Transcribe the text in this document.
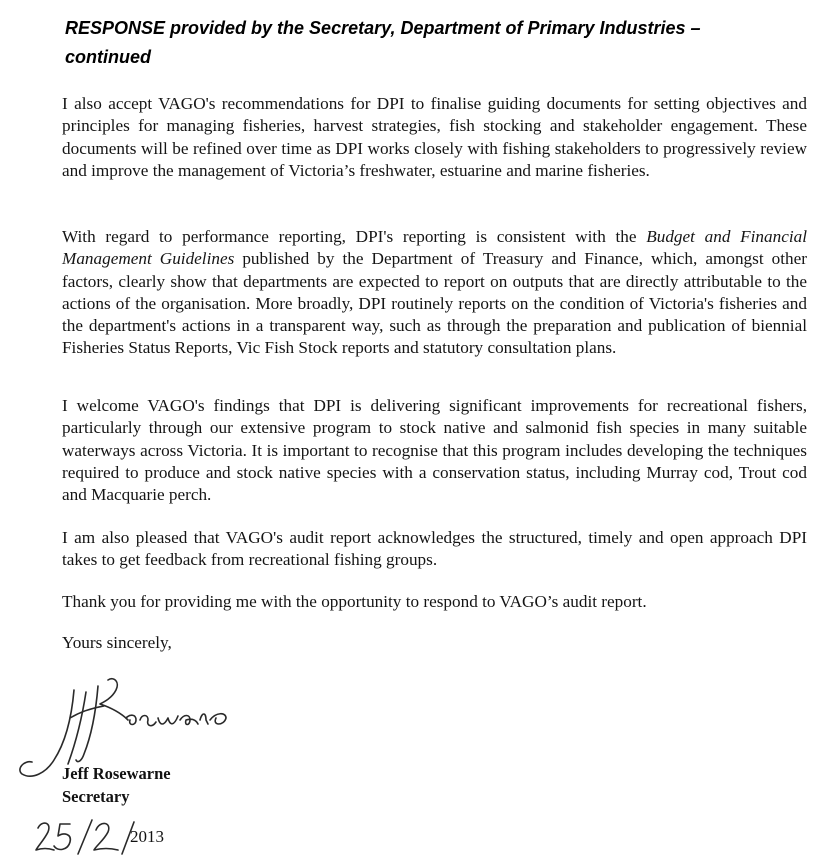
RESPONSE provided by the Secretary, Department of Primary Industries –
continued

I also accept VAGO's recommendations for DPI to finalise guiding documents for setting objectives and principles for managing fisheries, harvest strategies, fish stocking and stakeholder engagement. These documents will be refined over time as DPI works closely with fishing stakeholders to progressively review and improve the management of Victoria’s freshwater, estuarine and marine fisheries.

With regard to performance reporting, DPI's reporting is consistent with the Budget and Financial Management Guidelines published by the Department of Treasury and Finance, which, amongst other factors, clearly show that departments are expected to report on outputs that are directly attributable to the actions of the organisation. More broadly, DPI routinely reports on the condition of Victoria's fisheries and the department's actions in a transparent way, such as through the preparation and publication of biennial Fisheries Status Reports, Vic Fish Stock reports and statutory consultation plans.

I welcome VAGO's findings that DPI is delivering significant improvements for recreational fishers, particularly through our extensive program to stock native and salmonid fish species in many suitable waterways across Victoria. It is important to recognise that this program includes developing the techniques required to produce and stock native species with a conservation status, including Murray cod, Trout cod and Macquarie perch.

I am also pleased that VAGO's audit report acknowledges the structured, timely and open approach DPI takes to get feedback from recreational fishing groups.

Thank you for providing me with the opportunity to respond to VAGO’s audit report.

Yours sincerely,
Jeff Rosewarne
Secretary
2013
